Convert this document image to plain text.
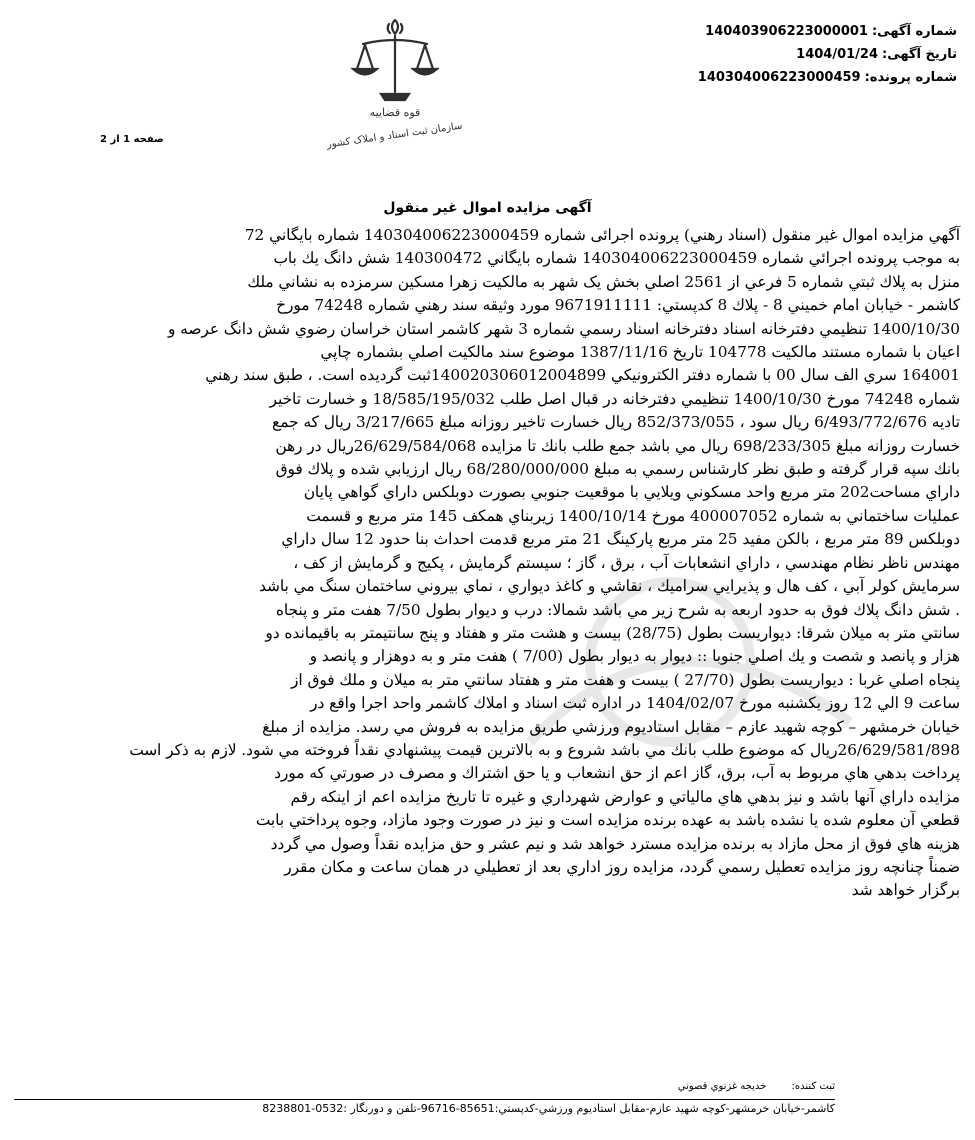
شماره آگهی:140403906223000001
تاریخ آگهی:1404/01/24
شماره پرونده:140304006223000459
قوه قضاییه
سازمان ثبت اسناد و املاک کشور
صفحه 1 از 2
آگهی مزایده اموال غیر منقول
آگهي مزايده اموال غير منقول (اسناد رهني) پرونده اجرائی شماره 140304006223000459 شماره بايگاني 72
به موجب پرونده اجرائي شماره 140304006223000459 شماره بايگاني 140300472 شش دانگ يك باب
منزل به پلاك ثبتي شماره 5 فرعي از 2561 اصلي بخش يک شهر به مالكيت زهرا مسكين سرمزده به نشاني ملك
كاشمر - خيابان امام خميني 8 - پلاك 8 كدپستي: 9671911111 مورد وثيقه سند رهني شماره 74248 مورخ
1400/10/30 تنظيمي دفترخانه اسناد دفترخانه اسناد رسمي شماره 3 شهر كاشمر استان خراسان رضوي شش دانگ عرصه و
اعيان با شماره مستند مالكيت 104778 تاريخ 1387/11/16 موضوع سند مالكيت اصلي بشماره چاپي
164001 سري الف سال 00 با شماره دفتر الکترونيکي 140020306012004899ثبت گرديده است. ، طبق سند رهني
شماره 74248 مورخ 1400/10/30 تنظيمي دفترخانه در قبال اصل طلب 18/585/195/032 و خسارت تاخير
تاديه 6/493/772/676 ريال سود ، 852/373/055 ريال خسارت تاخير روزانه مبلغ 3/217/665 ريال كه جمع
خسارت روزانه مبلغ 698/233/305 ريال مي باشد جمع طلب بانك تا مزايده 26/629/584/068ريال در رهن
بانك سپه قرار گرفته و طبق نظر كارشناس رسمي به مبلغ 68/280/000/000 ريال ارزيابي شده و پلاك فوق
داراي مساحت202 متر مربع واحد مسكوني ويلايي با موقعيت جنوبي بصورت دوبلكس داراي گواهي پايان
عمليات ساختماني به شماره 400007052 مورخ 1400/10/14 زيربناي همكف 145 متر مربع و قسمت
دوبلكس 89 متر مربع ، بالكن مفيد 25 متر مربع پاركينگ 21 متر مربع قدمت احداث بنا حدود 12 سال داراي
مهندس ناظر نظام مهندسي ، داراي انشعابات آب ، برق ، گاز ؛ سيستم گرمايش ، پكيج و گرمايش از كف ،
سرمايش كولر آبي ، كف هال و پذيرايي سراميك ، نقاشي و كاغذ ديواري ، نماي بيروني ساختمان سنگ مي باشد
. شش دانگ پلاك فوق به حدود اربعه به شرح زير مي باشد شمالا: درب و ديوار بطول 7/50 هفت متر و پنجاه
سانتي متر به ميلان شرقا: ديواريست بطول (28/75) بيست و هشت متر و هفتاد و پنج سانتيمتر به باقيمانده دو
هزار و پانصد و شصت و يك اصلي جنوبا :: ديوار به ديوار بطول (7/00 ) هفت متر و به دوهزار و پانصد و
پنجاه اصلي غربا : ديواريست بطول (27/70 ) بيست و هفت متر و هفتاد سانتي متر به ميلان و ملك فوق از
ساعت 9 الي 12 روز يكشنبه مورخ 1404/02/07 در اداره ثبت اسناد و املاك كاشمر واحد اجرا واقع در
خيابان خرمشهر – كوچه شهيد عازم – مقابل استاديوم ورزشي طريق مزايده به فروش مي رسد. مزايده از مبلغ
26/629/581/898ريال كه موضوع طلب بانك مي باشد شروع و به بالاترين قيمت پيشنهادي نقداً فروخته مي شود. لازم به ذكر است
پرداخت بدهي هاي مربوط به آب، برق، گاز اعم از حق انشعاب و يا حق اشتراك و مصرف در صورتي كه مورد
مزايده داراي آنها باشد و نيز بدهي هاي مالياتي و عوارض شهرداري و غيره تا تاريخ مزايده اعم از اينكه رقم
قطعي آن معلوم شده يا نشده باشد به عهده برنده مزايده است و نيز در صورت وجود مازاد، وجوه پرداختي بابت
هزينه هاي فوق از محل مازاد به برنده مزايده مسترد خواهد شد و نيم عشر و حق مزايده نقداً وصول مي گردد
ضمناً چنانچه روز مزايده تعطيل رسمي گردد، مزايده روز اداري بعد از تعطيلي در همان ساعت و مكان مقرر
برگزار خواهد شد
ثبت کننده: خديجه غزنوي قصوني
كاشمر-خيابان خرمشهر-كوچه شهيد عازم-مقابل استاديوم ورزشي-كدپستي:85651-96716-تلفن و دورنگار :0532-8238801
